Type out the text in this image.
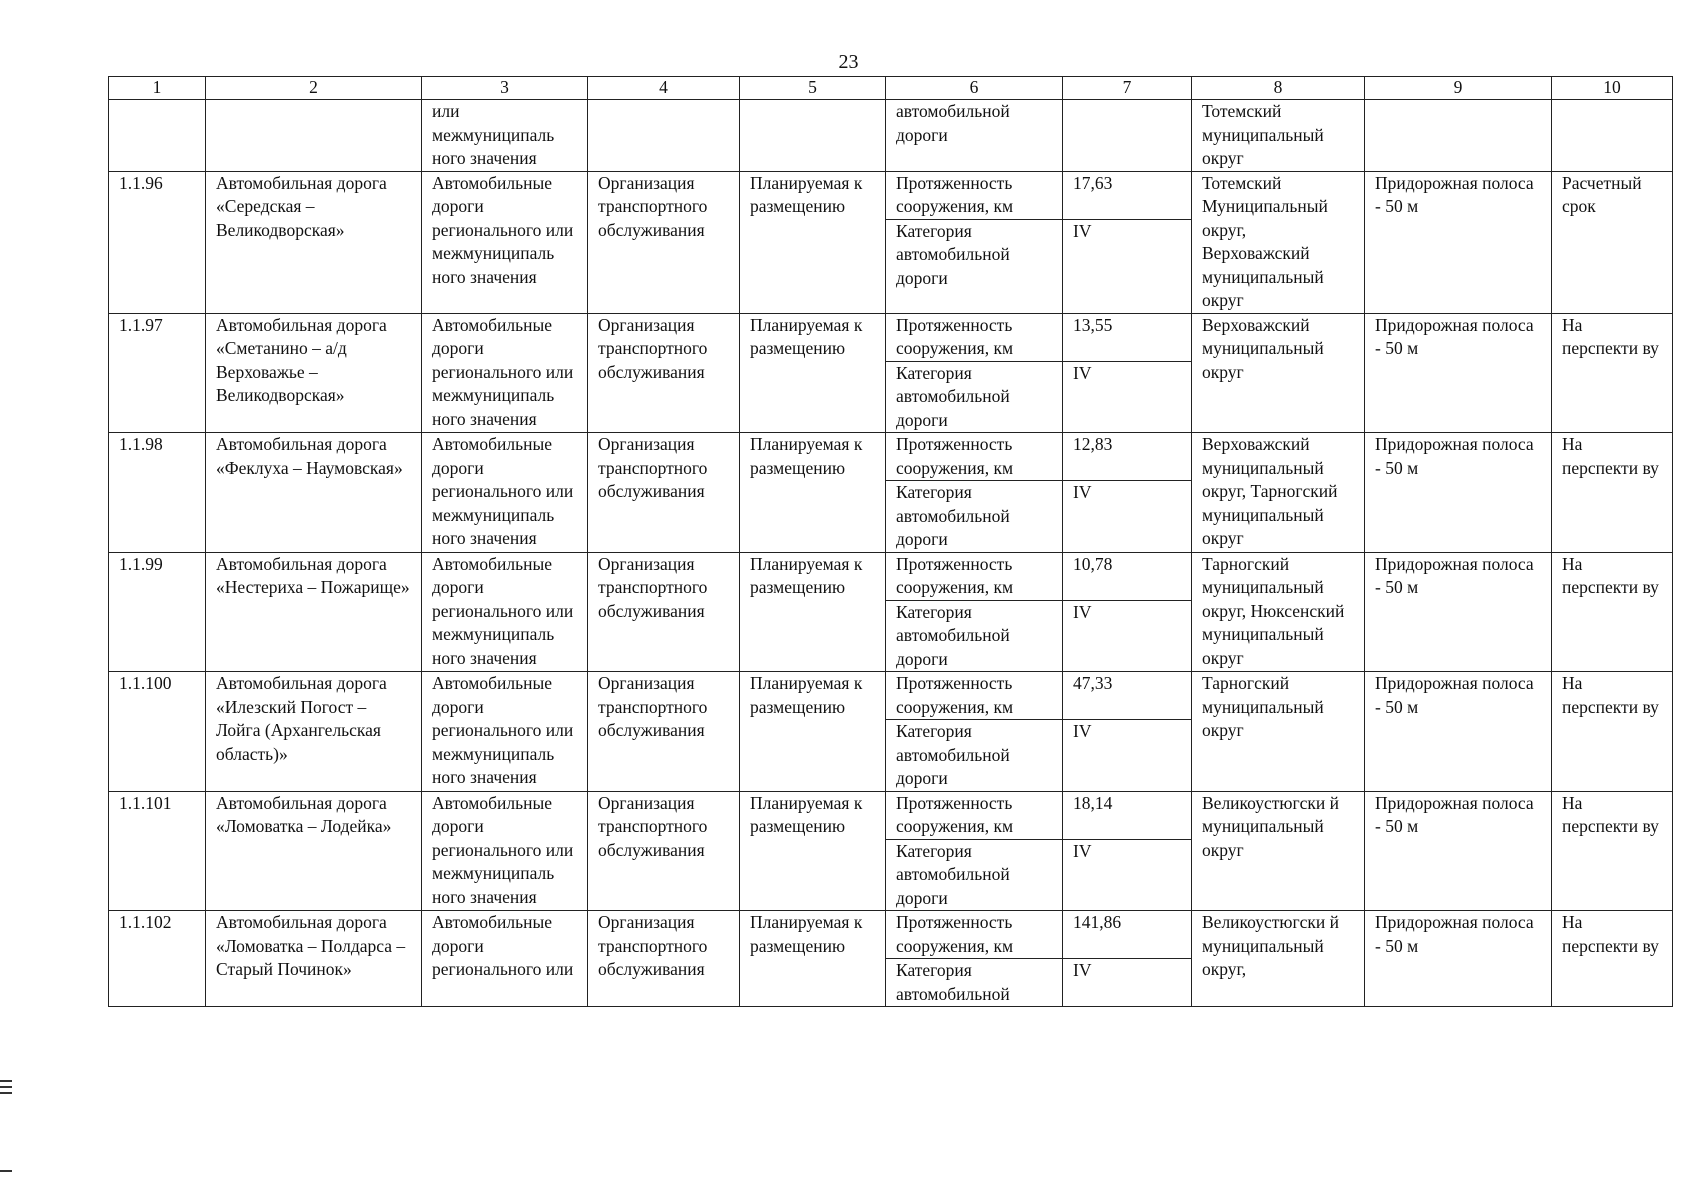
23
1	2	3	4	5	6	7	8	9	10
		или межмуниципаль ного значения			автомобильной дороги		Тотемский муниципальный округ		
1.1.96	Автомобильная дорога «Середская – Великодворская»	Автомобильные дороги регионального или межмуниципаль ного значения	Организация транспортного обслуживания	Планируемая к размещению	Протяженность сооружения, км	17,63	Тотемский Муниципальный округ, Верховажский муниципальный округ	Придорожная полоса - 50 м	Расчетный срок
					Категория автомобильной дороги	IV			
1.1.97	Автомобильная дорога «Сметанино – а/д Верховажье – Великодворская»	Автомобильные дороги регионального или межмуниципаль ного значения	Организация транспортного обслуживания	Планируемая к размещению	Протяженность сооружения, км	13,55	Верховажский муниципальный округ	Придорожная полоса - 50 м	На перспекти ву
					Категория автомобильной дороги	IV			
1.1.98	Автомобильная дорога «Феклуха – Наумовская»	Автомобильные дороги регионального или межмуниципаль ного значения	Организация транспортного обслуживания	Планируемая к размещению	Протяженность сооружения, км	12,83	Верховажский муниципальный округ, Тарногский муниципальный округ	Придорожная полоса - 50 м	На перспекти ву
					Категория автомобильной дороги	IV			
1.1.99	Автомобильная дорога «Нестериха – Пожарище»	Автомобильные дороги регионального или межмуниципаль ного значения	Организация транспортного обслуживания	Планируемая к размещению	Протяженность сооружения, км	10,78	Тарногский муниципальный округ, Нюксенский муниципальный округ	Придорожная полоса - 50 м	На перспекти ву
					Категория автомобильной дороги	IV			
1.1.100	Автомобильная дорога «Илезский Погост – Лойга (Архангельская область)»	Автомобильные дороги регионального или межмуниципаль ного значения	Организация транспортного обслуживания	Планируемая к размещению	Протяженность сооружения, км	47,33	Тарногский муниципальный округ	Придорожная полоса - 50 м	На перспекти ву
					Категория автомобильной дороги	IV			
1.1.101	Автомобильная дорога «Ломоватка – Лодейка»	Автомобильные дороги регионального или межмуниципаль ного значения	Организация транспортного обслуживания	Планируемая к размещению	Протяженность сооружения, км	18,14	Великоустюгски й муниципальный округ	Придорожная полоса - 50 м	На перспекти ву
					Категория автомобильной дороги	IV			
1.1.102	Автомобильная дорога «Ломоватка – Полдарса – Старый Починок»	Автомобильные дороги регионального или	Организация транспортного обслуживания	Планируемая к размещению	Протяженность сооружения, км	141,86	Великоустюгски й муниципальный округ,	Придорожная полоса - 50 м	На перспекти ву
					Категория автомобильной	IV			
